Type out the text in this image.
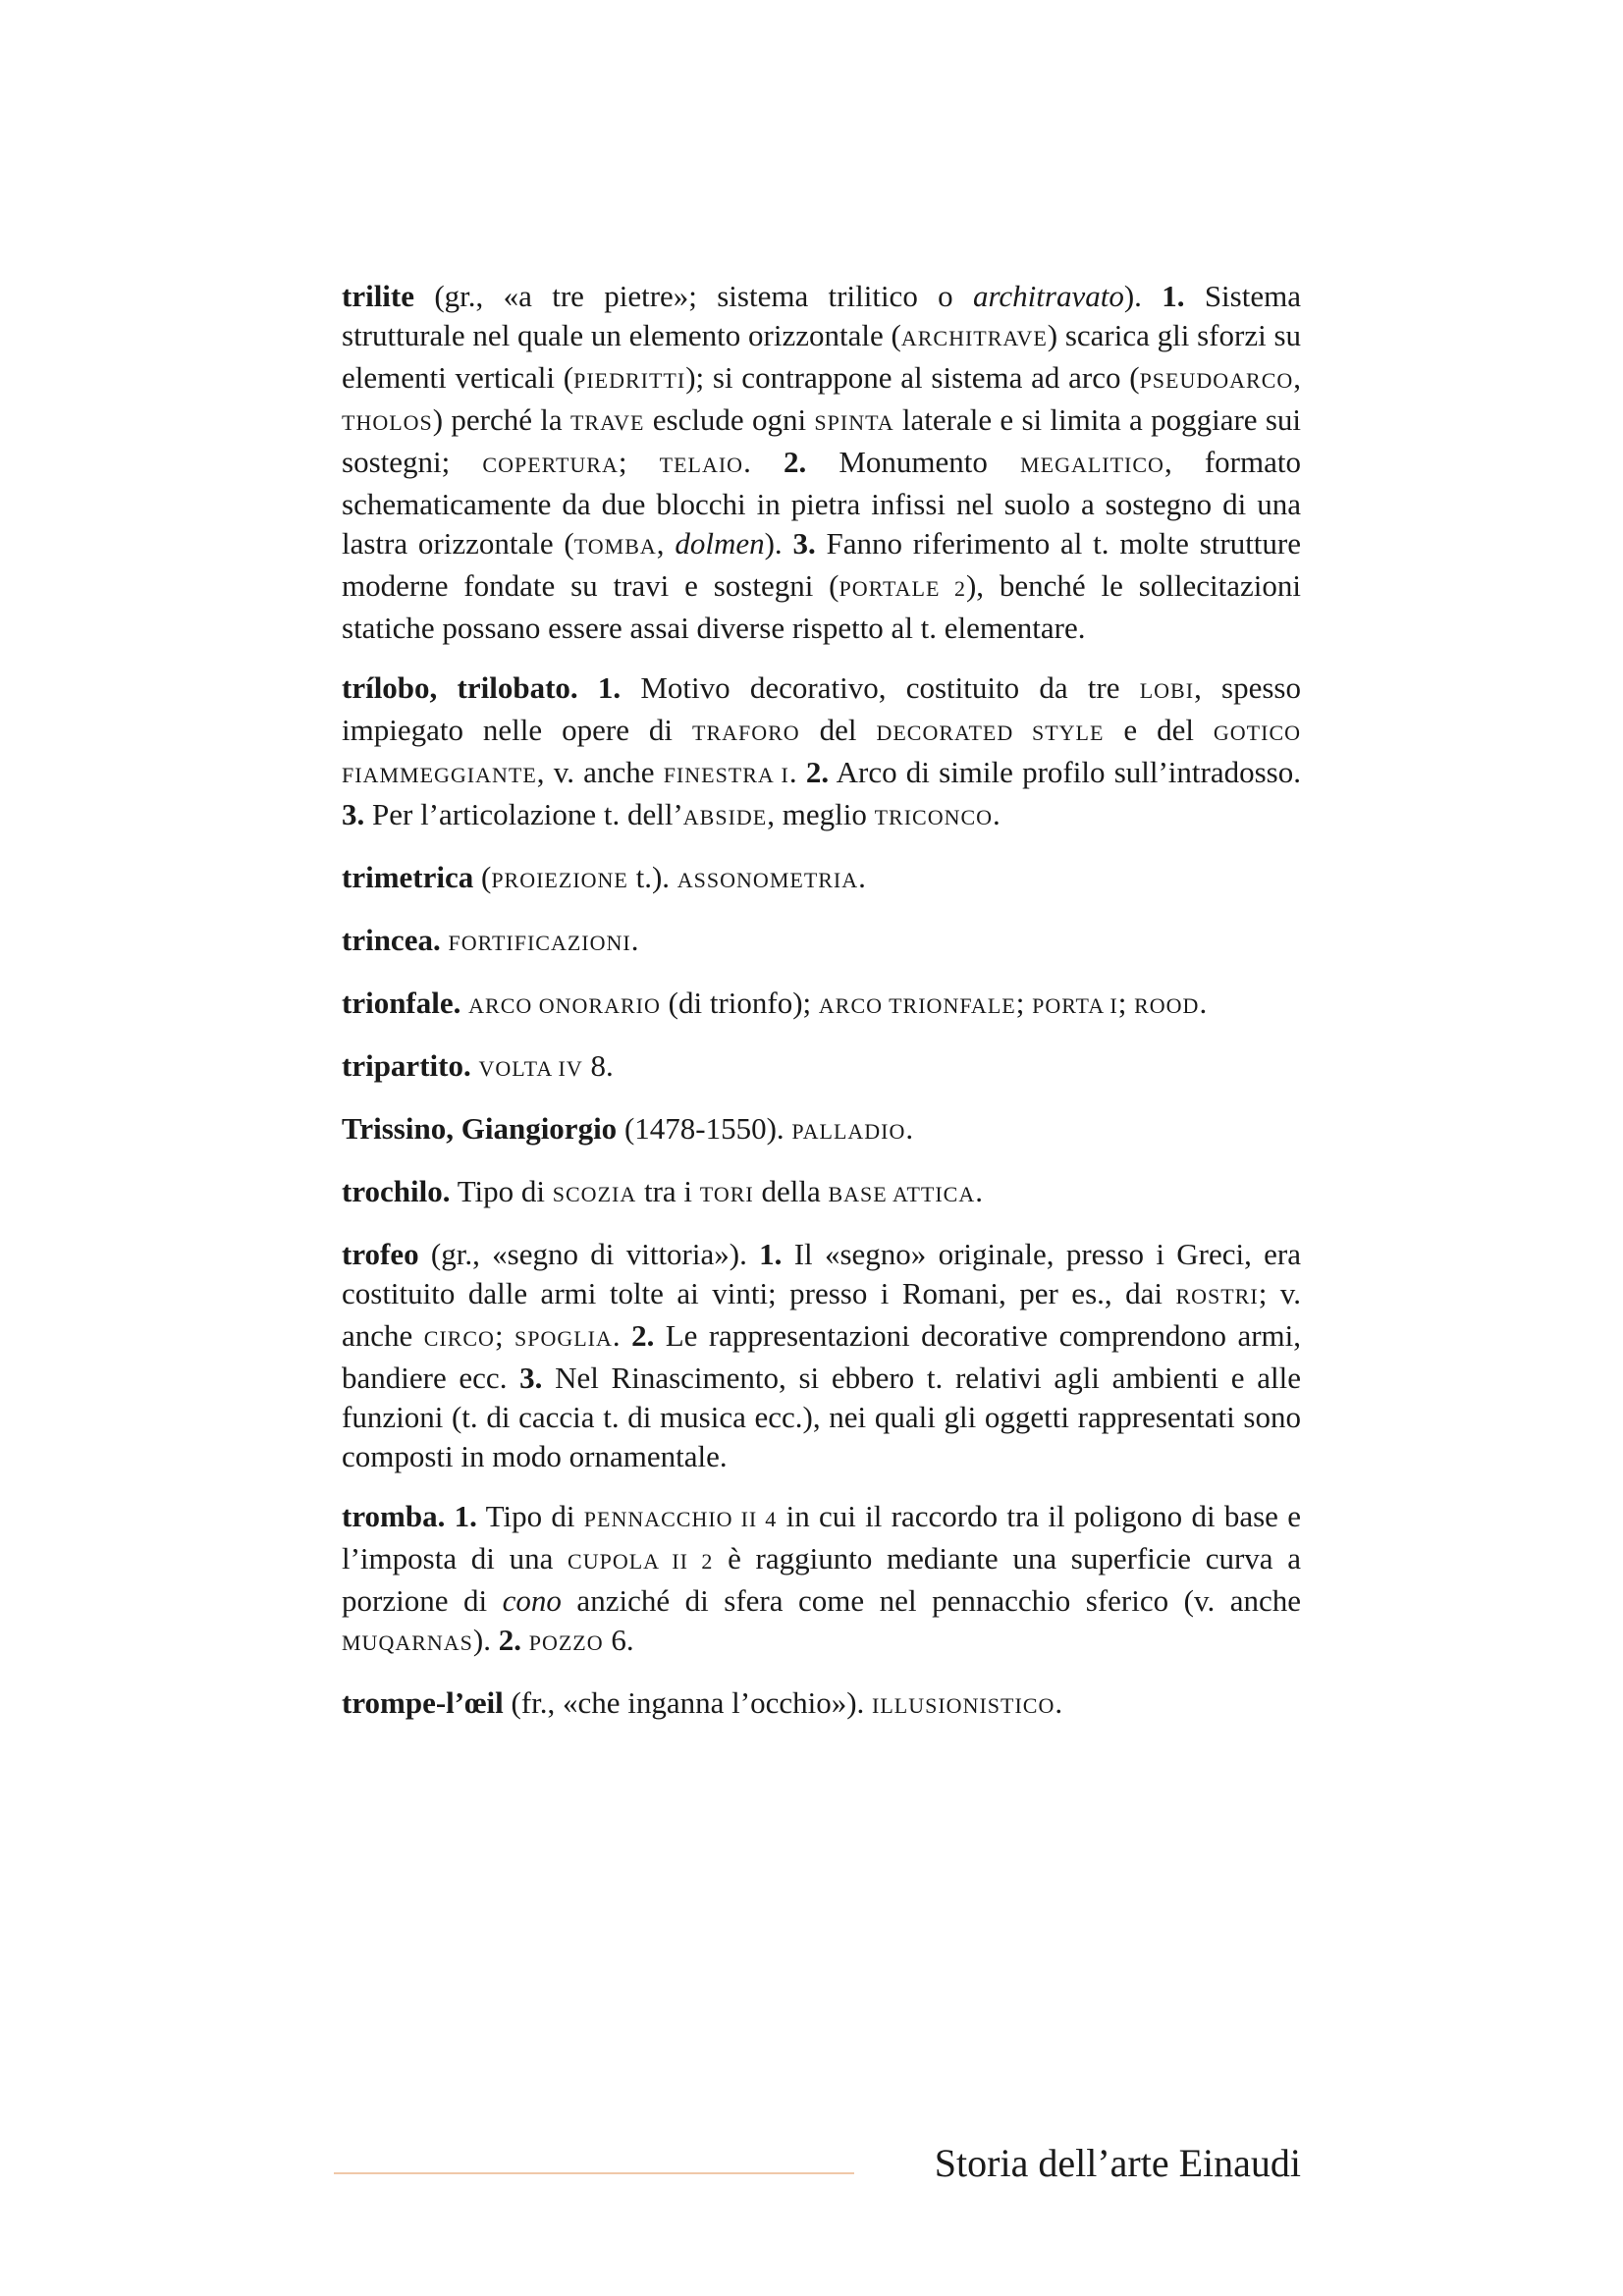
trilite (gr., «a tre pietre»; sistema trilitico o architravato). 1. Sistema strutturale nel quale un elemento orizzontale (ARCHITRAVE) scarica gli sforzi su elementi verticali (PIEDRITTI); si contrappone al sistema ad arco (PSEUDOARCO, THOLOS) perché la TRAVE esclude ogni SPINTA laterale e si limita a poggiare sui sostegni; COPERTURA; TELAIO. 2. Monumento MEGALITICO, formato schematicamente da due blocchi in pietra infissi nel suolo a sostegno di una lastra orizzontale (TOMBA, dolmen). 3. Fanno riferimento al t. molte strutture moderne fondate su travi e sostegni (PORTALE 2), benché le sollecitazioni statiche possano essere assai diverse rispetto al t. elementare.

trílobo, trilobato. 1. Motivo decorativo, costituito da tre LOBI, spesso impiegato nelle opere di TRAFORO del DECORATED STYLE e del GOTICO FIAMMEGGIANTE, v. anche FINESTRA I. 2. Arco di simile profilo sull’intradosso. 3. Per l’articolazione t. dell’ABSIDE, meglio TRICONCO.

trimetrica (PROIEZIONE t.). ASSONOMETRIA.

trincea. FORTIFICAZIONI.

trionfale. ARCO ONORARIO (di trionfo); ARCO TRIONFALE; PORTA I; ROOD.

tripartito. VOLTA IV 8.

Trissino, Giangiorgio (1478-1550). PALLADIO.

trochilo. Tipo di SCOZIA tra i TORI della BASE ATTICA.

trofeo (gr., «segno di vittoria»). 1. Il «segno» originale, presso i Greci, era costituito dalle armi tolte ai vinti; presso i Romani, per es., dai ROSTRI; v. anche CIRCO; SPOGLIA. 2. Le rappresentazioni decorative comprendono armi, bandiere ecc. 3. Nel Rinascimento, si ebbero t. relativi agli ambienti e alle funzioni (t. di caccia t. di musica ecc.), nei quali gli oggetti rappresentati sono composti in modo ornamentale.

tromba. 1. Tipo di PENNACCHIO II 4 in cui il raccordo tra il poligono di base e l’imposta di una CUPOLA II 2 è raggiunto mediante una superficie curva a porzione di cono anziché di sfera come nel pennacchio sferico (v. anche MUQARNAS). 2. POZZO 6.

trompe-l’œil (fr., «che inganna l’occhio»). ILLUSIONISTICO.

Storia dell’arte Einaudi
